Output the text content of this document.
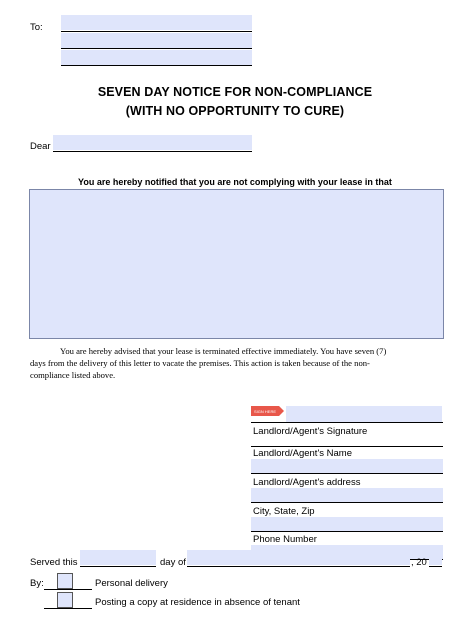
To:
SEVEN DAY NOTICE FOR NON-COMPLIANCE
(WITH NO OPPORTUNITY TO CURE)
Dear
You are hereby notified that you are not complying with your lease in that
You are hereby advised that your lease is terminated effective immediately. You have seven (7)
days from the delivery of this letter to vacate the premises. This action is taken because of the non-
compliance listed above.
SIGN HERE
Landlord/Agent's Signature
Landlord/Agent's Name
Landlord/Agent's address
City, State, Zip
Phone Number
Served this	day of	, 20
By:	Personal delivery
Posting a copy at residence in absence of tenant
